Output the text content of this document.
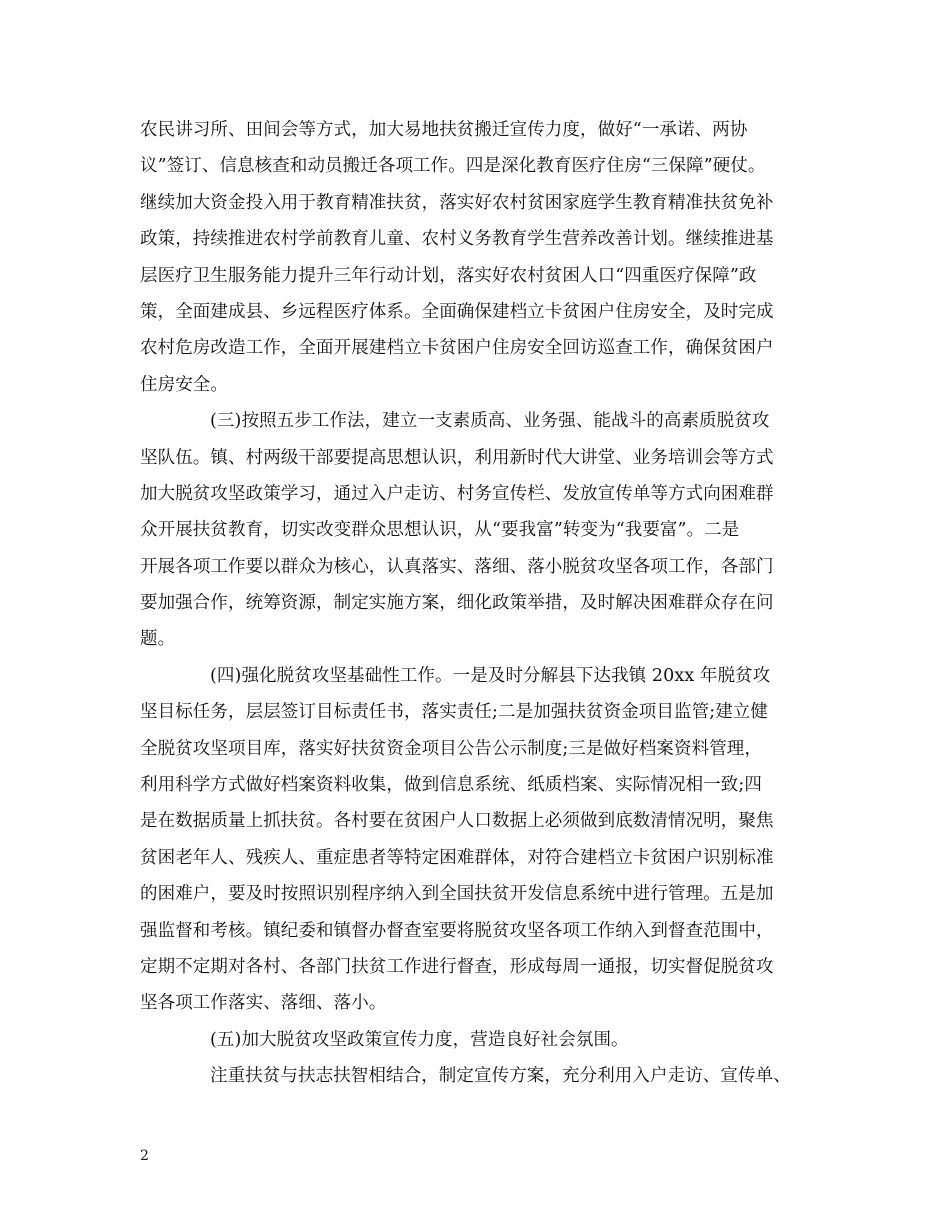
农民讲习所、田间会等方式，加大易地扶贫搬迁宣传力度，做好“一承诺、两协
议”签订、信息核查和动员搬迁各项工作。四是深化教育医疗住房“三保障”硬仗。
继续加大资金投入用于教育精准扶贫，落实好农村贫困家庭学生教育精准扶贫免补
政策，持续推进农村学前教育儿童、农村义务教育学生营养改善计划。继续推进基
层医疗卫生服务能力提升三年行动计划，落实好农村贫困人口“四重医疗保障”政
策，全面建成县、乡远程医疗体系。全面确保建档立卡贫困户住房安全，及时完成
农村危房改造工作，全面开展建档立卡贫困户住房安全回访巡查工作，确保贫困户
住房安全。
(三)按照五步工作法，建立一支素质高、业务强、能战斗的高素质脱贫攻
坚队伍。镇、村两级干部要提高思想认识，利用新时代大讲堂、业务培训会等方式
加大脱贫攻坚政策学习，通过入户走访、村务宣传栏、发放宣传单等方式向困难群
众开展扶贫教育，切实改变群众思想认识，从“要我富”转变为“我要富”。二是
开展各项工作要以群众为核心，认真落实、落细、落小脱贫攻坚各项工作，各部门
要加强合作，统筹资源，制定实施方案，细化政策举措，及时解决困难群众存在问
题。
(四)强化脱贫攻坚基础性工作。一是及时分解县下达我镇 20xx 年脱贫攻
坚目标任务，层层签订目标责任书，落实责任;二是加强扶贫资金项目监管;建立健
全脱贫攻坚项目库，落实好扶贫资金项目公告公示制度;三是做好档案资料管理，
利用科学方式做好档案资料收集，做到信息系统、纸质档案、实际情况相一致;四
是在数据质量上抓扶贫。各村要在贫困户人口数据上必须做到底数清情况明，聚焦
贫困老年人、残疾人、重症患者等特定困难群体，对符合建档立卡贫困户识别标准
的困难户，要及时按照识别程序纳入到全国扶贫开发信息系统中进行管理。五是加
强监督和考核。镇纪委和镇督办督查室要将脱贫攻坚各项工作纳入到督查范围中，
定期不定期对各村、各部门扶贫工作进行督查，形成每周一通报，切实督促脱贫攻
坚各项工作落实、落细、落小。
(五)加大脱贫攻坚政策宣传力度，营造良好社会氛围。
注重扶贫与扶志扶智相结合，制定宣传方案，充分利用入户走访、宣传单、
2
